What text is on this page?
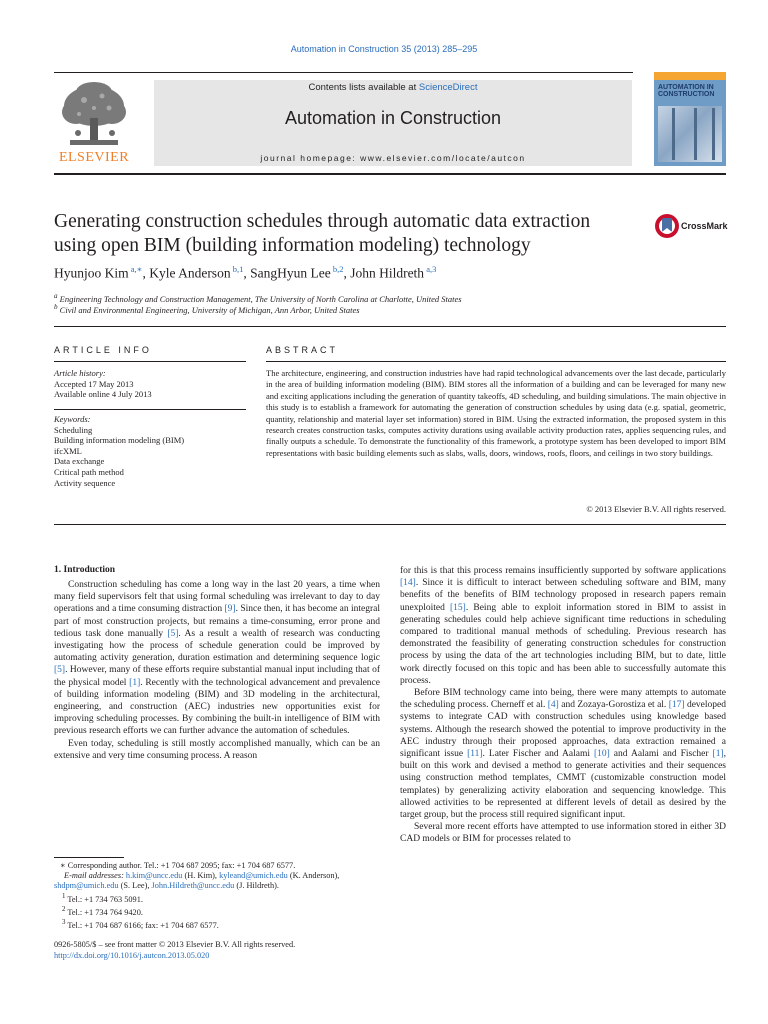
Automation in Construction 35 (2013) 285–295
ELSEVIER
Contents lists available at ScienceDirect
Automation in Construction
journal homepage: www.elsevier.com/locate/autcon
AUTOMATION IN CONSTRUCTION
Generating construction schedules through automatic data extraction using open BIM (building information modeling) technology
CrossMark
Hyunjoo Kim $^{a,∗}$, Kyle Anderson $^{b,1}$, SangHyun Lee $^{b,2}$, John Hildreth $^{a,3}$
$^a$ Engineering Technology and Construction Management, The University of North Carolina at Charlotte, United States
$^b$ Civil and Environmental Engineering, University of Michigan, Ann Arbor, United States
ARTICLE INFO	ABSTRACT
Article history:
Accepted 17 May 2013
Available online 4 July 2013
Keywords:
Scheduling
Building information modeling (BIM)
ifcXML
Data exchange
Critical path method
Activity sequence
The architecture, engineering, and construction industries have had rapid technological advancements over the last decade, particularly in the area of building information modeling (BIM). BIM stores all the information of a building and can be leveraged for many new and exciting applications including the generation of quantity takeoffs, 4D scheduling, and building simulations. The main objective in this study is to establish a framework for automating the generation of construction schedules by using data (e.g. spatial, geometric, quantity, relationship and material layer set information) stored in BIM. Using the extracted information, the proposed system in this research creates construction tasks, computes activity durations using available activity production rates, applies sequencing rules, and finally outputs a schedule. To demonstrate the functionality of this framework, a prototype system has been developed to import BIM representations with basic building elements such as slabs, walls, doors, windows, roofs, floors, and ceilings in two story buildings.
© 2013 Elsevier B.V. All rights reserved.
1. Introduction

Construction scheduling has come a long way in the last 20 years, a time when many field supervisors felt that using formal scheduling was irrelevant to day to day operations and a time consuming distraction [9]. Since then, it has become an integral part of most construction projects, but remains a time-consuming, error prone and tedious task done manually [5]. As a result a wealth of research was conducting investigating how the process of schedule generation could be improved by automating activity generation, duration estimation and determining sequence logic [5]. However, many of these efforts require substantial manual input including that of the physical model [1]. Recently with the technological advancement and prevalence of building information modeling (BIM) and 3D modeling in the architectural, engineering, and construction (AEC) industries new opportunities exist for improving scheduling processes. By combining the built-in intelligence of BIM with previous research efforts we can further advance the automation of schedules.

Even today, scheduling is still mostly accomplished manually, which can be an extensive and very time consuming process. A reason

for this is that this process remains insufficiently supported by software applications [14]. Since it is difficult to interact between scheduling software and BIM, many benefits of the benefits of BIM technology proposed in research papers remain unexploited [15]. Being able to exploit information stored in BIM to assist in generating schedules could help achieve significant time reductions in scheduling compared to traditional manual methods of scheduling. Previous research has demonstrated the feasibility of generating construction schedules for construction process by using the data of the art technologies including BIM, but to date, little work directly focused on this topic and has been able to successfully automate this process.

Before BIM technology came into being, there were many attempts to automate the scheduling process. Cherneff et al. [4] and Zozaya-Gorostiza et al. [17] developed systems to integrate CAD with construction schedules using knowledge based systems. Although the research showed the potential to improve productivity in the AEC industry through their proposed approaches, data extraction remained a significant issue [11]. Later Fischer and Aalami [10] and Aalami and Fischer [1], built on this work and devised a method to generate activities and their sequences using construction method templates, CMMT (customizable construction model templates) by generalizing activity elaboration and sequencing knowledge. This allowed activities to be represented at different levels of detail as desired by the target group, but the process still required significant input.

Several more recent efforts have attempted to use information stored in either 3D CAD models or BIM for processes related to

∗ Corresponding author. Tel.: +1 704 687 2095; fax: +1 704 687 6577.
E-mail addresses: h.kim@uncc.edu (H. Kim), kyleand@umich.edu (K. Anderson),
shdpm@umich.edu (S. Lee), John.Hildreth@uncc.edu (J. Hildreth).
$^1$ Tel.: +1 734 763 5091.
$^2$ Tel.: +1 734 764 9420.
$^3$ Tel.: +1 704 687 6166; fax: +1 704 687 6577.
0926-5805/$ – see front matter © 2013 Elsevier B.V. All rights reserved.
http://dx.doi.org/10.1016/j.autcon.2013.05.020
